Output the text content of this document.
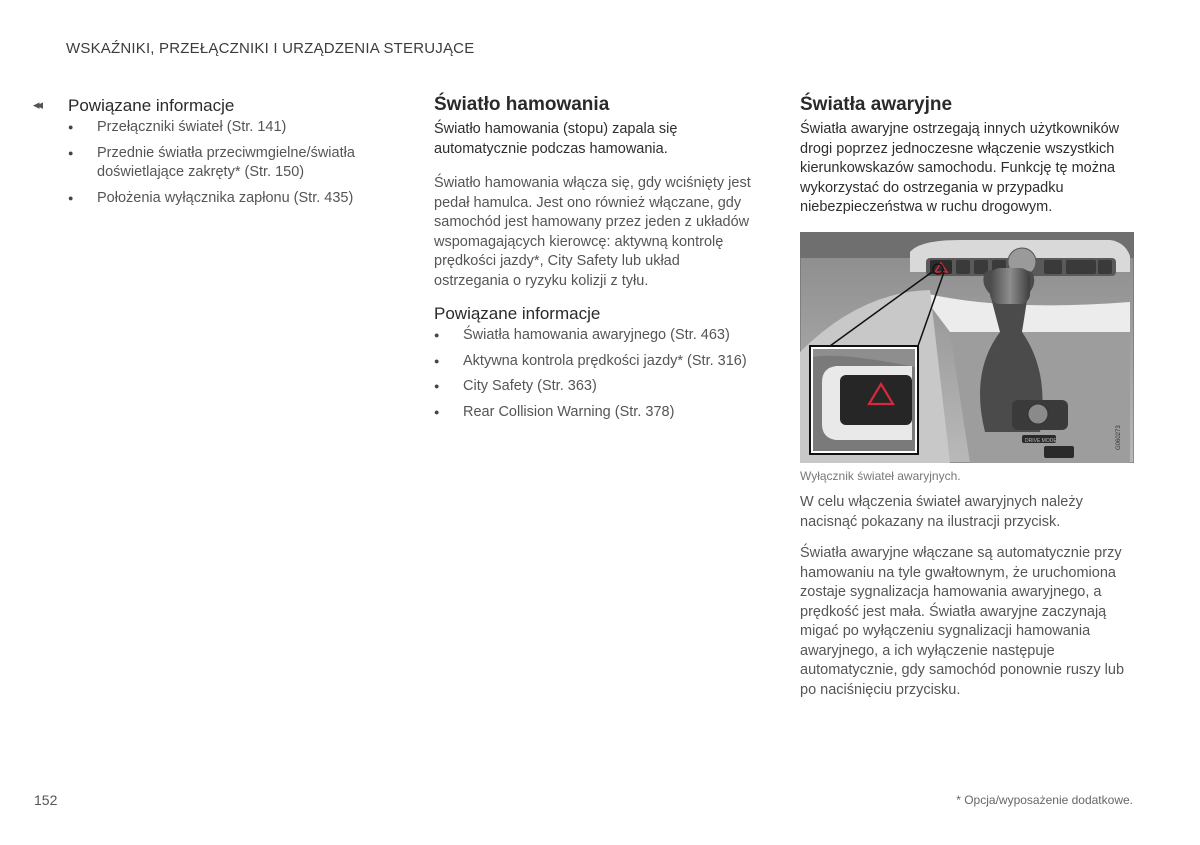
WSKAŹNIKI, PRZEŁĄCZNIKI I URZĄDZENIA STERUJĄCE
◂◂ Powiązane informacje
● Przełączniki świateł (Str. 141)
● Przednie światła przeciwmgielne/światła doświetlające zakręty* (Str. 150)
● Położenia wyłącznika zapłonu (Str. 435)
Światło hamowania

Światło hamowania (stopu) zapala się automatycznie podczas hamowania.

Światło hamowania włącza się, gdy wciśnięty jest pedał hamulca. Jest ono również włączane, gdy samochód jest hamowany przez jeden z układów wspomagających kierowcę: aktywną kontrolę prędkości jazdy*, City Safety lub układ ostrzegania o ryzyku kolizji z tyłu.

Powiązane informacje
● Światła hamowania awaryjnego (Str. 463)
● Aktywna kontrola prędkości jazdy* (Str. 316)
● City Safety (Str. 363)
● Rear Collision Warning (Str. 378)
Światła awaryjne

Światła awaryjne ostrzegają innych użytkowników drogi poprzez jednoczesne włączenie wszystkich kierunkowskazów samochodu. Funkcję tę można wykorzystać do ostrzegania w przypadku niebezpieczeństwa w ruchu drogowym.

DRIVE MODE	G060273
Wyłącznik świateł awaryjnych.

W celu włączenia świateł awaryjnych należy nacisnąć pokazany na ilustracji przycisk.

Światła awaryjne włączane są automatycznie przy hamowaniu na tyle gwałtownym, że uruchomiona zostaje sygnalizacja hamowania awaryjnego, a prędkość jest mała. Światła awaryjne zaczynają migać po wyłączeniu sygnalizacji hamowania awaryjnego, a ich wyłączenie następuje automatycznie, gdy samochód ponownie ruszy lub po naciśnięciu przycisku.

152	* Opcja/wyposażenie dodatkowe.
